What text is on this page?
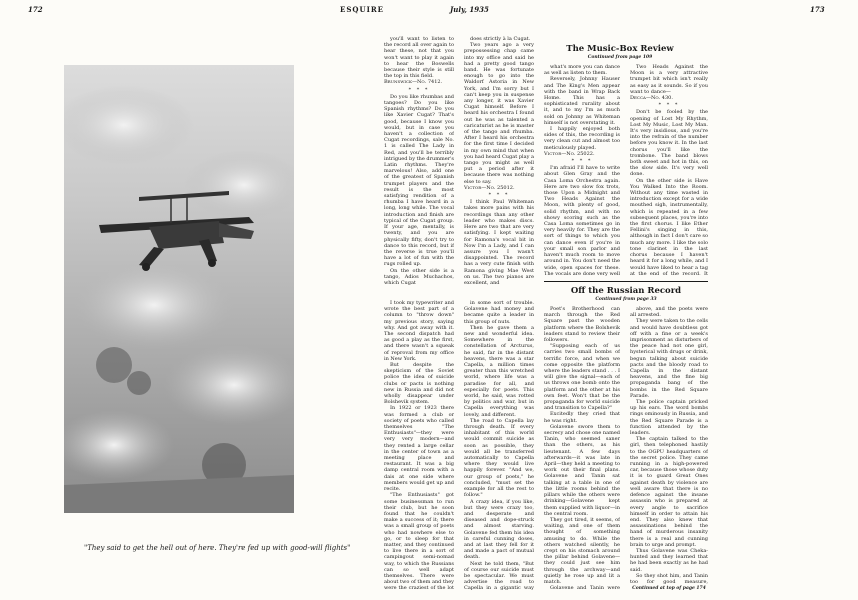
172	ESQUIRE	July, 1935	173
"They said to get the hell out of here. They're fed up with good-will flights"
The Music-Box Review
Continued from page 109

you'll want to listen to the record all over again to hear these, not that you won't want to play it again to hear the Boswells because their style is still the top in this field.

Brunswick—No. 7412.

* * *

Do you like rhumbas and tangoes? Do you like Spanish rhythms? Do you like Xavier Cugat? That's good, because I know you would, but in case you haven't a collection of Cugat recordings, sale No. 1 is called The Lady in Red, and you'll be terribly intrigued by the drummer's Latin rhythms. They're marvelous! Also, add one of the greatest of Spanish trumpet players and the result is the most satisfying rendition of a rhumba I have heard in a long, long while. The vocal introduction and finish are typical of the Cugat group. If your age, mentally, is twenty, and you are physically fifty, don't try to dance to this record, but if the reverse is true you'll have a lot of fun with the rugs rolled up.

On the other side is a tango, Adios Muchachos, which Cugat

does strictly à la Cugat.

Two years ago a very prepossessing chap came into my office and said he had a pretty good tango band. He was fortunate enough to go into the Waldorf Astoria in New York, and I'm sorry but I can't keep you in suspense any longer, it was Xavier Cugat himself. Before I heard his orchestra I found out he was as talented a caricaturist as he is master of the tango and rhumba. After I heard his orchestra for the first time I decided in my own mind that when you had heard Cugat play a tango you might as well put a period after it because there was nothing else to say.

Victor—No. 25012.

* * *

I think Paul Whiteman takes more pains with his recordings than any other leader who makes discs. Here are two that are very satisfying. I kept waiting for Ramona's vocal bit in Now I'm a Lady, and I can assure you I wasn't disappointed. The record has a very cute finish with Ramona giving Mae West on us. The two pianos are excellent, and

what's more you can dance as well as listen to them.

Reversely, Johnny Hauser and The King's Men appear with the band in Wrap Back Home. This has a sophisticated rurality about it, and to my I'm as much sold on Johnny as Whiteman himself is not overstating it.

I happily enjoyed both sides of this, the recording is very clean cut and almost too meticulously played.

Victor—No. 25022.

* * *

I'm afraid I'll have to write about Glen Gray and the Casa Loma Orchestra again. Here are two slow fox trots, those Upon a Midnight and Two Heads Against the Moon, with plenty of good, solid rhythm, and with no showy scoring such as the Casa Loma sometimes go in very heavily for. They are the sort of things to which you can dance even if you're in your small son parlor and haven't much room to move around in. You don't need the wide, open spaces for these. The vocals are done very well

Two Heads Against the Moon is a very attractive trumpet bit which isn't really as easy as it sounds. So if you want to dance—

Decca—No. 430.

* * *

Don't be fooled by the opening of Lost My Rhythm, Lost My Music, Lost My Man. It's very insidious, and you're into the refrain of the number before you know it. In the last chorus you'll like the trombone. The band blows both sweet and hot in this, on the slow side. It's very well done.

On the other side is Have You Walked Into the Room. Without any time wasted in introduction except for a wide mouthed sigh, instrumentally, which is repeated in a few subsequent places, you're into the first chorus. I like Ether Fellini's singing in this, although in fact I don't care so much any more. I like the solo tone clarinet in the last chorus because I haven't heard it for a long while, and I would have liked to hear a tag at the end of the record. It

Off the Russian Record
Continued from page 33

I took my typewriter and wrote the best part of a column to "throw down" my previous story, saying why. And got away with it. The second dispatch had as good a play as the first, and there wasn't a squeak of reproval from my office in New York.

But despite the skepticism of the Soviet police the idea of suicide clubs or pacts is nothing new in Russia and did not wholly disappear under Bolshevik system.

In 1922 or 1923 there was formed a club or society of poets who called themselves "The Enthusiasts"—they were very very modern—and they rented a large cellar in the center of town as a meeting place and restaurant. It was a big damp central room with a dais at one side where members would get up and recite.

"The Enthusiasts" got some businessman to run their club, but he soon found that he couldn't make a success of it; there was a small group of poets who had nowhere else to go, or to sleep for that matter, and they continued to live there in a sort of campingout semi-nomad way, to which the Russians can so well adapt themselves. There were about two of them and they were the craziest of the lot

in some sort of trouble. Golavene had money and became quite a leader in this group of nuts.

Then he gave them a new and wonderful idea. Somewhere in the constellation of Arcturus, he said, far in the distant heavens, there was a star Capella, a million times greater than this wretched world, where life was a paradise for all, and especially for poets. This world, he said, was rotted by politics and war, but in Capella everything was lovely, and different.

The road to Capella lay through death. If every inhabitant of this world would commit suicide as soon as possible, they would all be transferred automatically to Capella where they would live happily forever. "And we, our group of poets," he concluded, "must set the example for all the rest to follow."

A crazy idea, if you like, but they were crazy too, and desperate and diseased and dope-struck and almost starving. Golavene fed them his idea in careful cunning doses, and at last they fell for it and made a pact of mutual death.

Next he told them, "But of course our suicide must be spectacular. We must advertise the road to Capella in a gigantic way

Poet's Brotherhood can march through the Red Square past the wooden platform where the Bolshevik leaders stand to review their followers.

"Supposing each of us carries two small bombs of terrific force, and when we come opposite the platform where the leaders stand . . . I will give the signal—each of us throws one bomb onto the platform and the other at his own feet. Won't that be the propaganda for world suicide and transition to Capella?"

Excitedly they cried that he was right.

Golavene swore them to secrecy and chose one named Tanin, who seemed saner than the others, as his lieutenant. A few days afterwards—it was late in April—they held a meeting to work out their final plans. Golavene and Tanin sat talking at a table in one of the little rooms behind the pillars while the others were drinking—Golavene kept them supplied with liquor—in the central room.

They got tired, it seems, of waiting, and one of them thought of something amusing to do. While the others watched silently, he crept on his stomach around the pillar behind Golavene—they could just see him through the archway—and quietly he rose up and lit a match.

Golavene and Tanin were

above, and the poets were all arrested.

They were taken to the cells and would have doubtless got off with a fine or a week's imprisonment as disturbers of the peace had not one girl, hysterical with drugs or drink, begun talking about suicide pacts and the bloody road to Capella in the distant heavens, and the fine big propaganda bang of the bombs in the Red Square Parade.

The police captain pricked up his ears. The word bombs rings ominously in Russia, and the Red Square Parade is a function attended by the leaders.

The captain talked to the girl, then telephoned hastily to the OGPU headquarters of the secret police. They came running in a high-powered car, because those whose duty it is to guard Great Ones against death by violence are well aware that there is no defence against the insane assassin who is prepared at every angle to sacrifice himself in order to attain his end. They also knew that assassinations behind the hand of murderous insanity there is a real and cunning brain to urge and prompt.

Thus Golavene was Cheka-hunted and they learned that he had been exactly as he had said.

So they shot him, and Tanin too for good measure,

Continued at top of page 174
